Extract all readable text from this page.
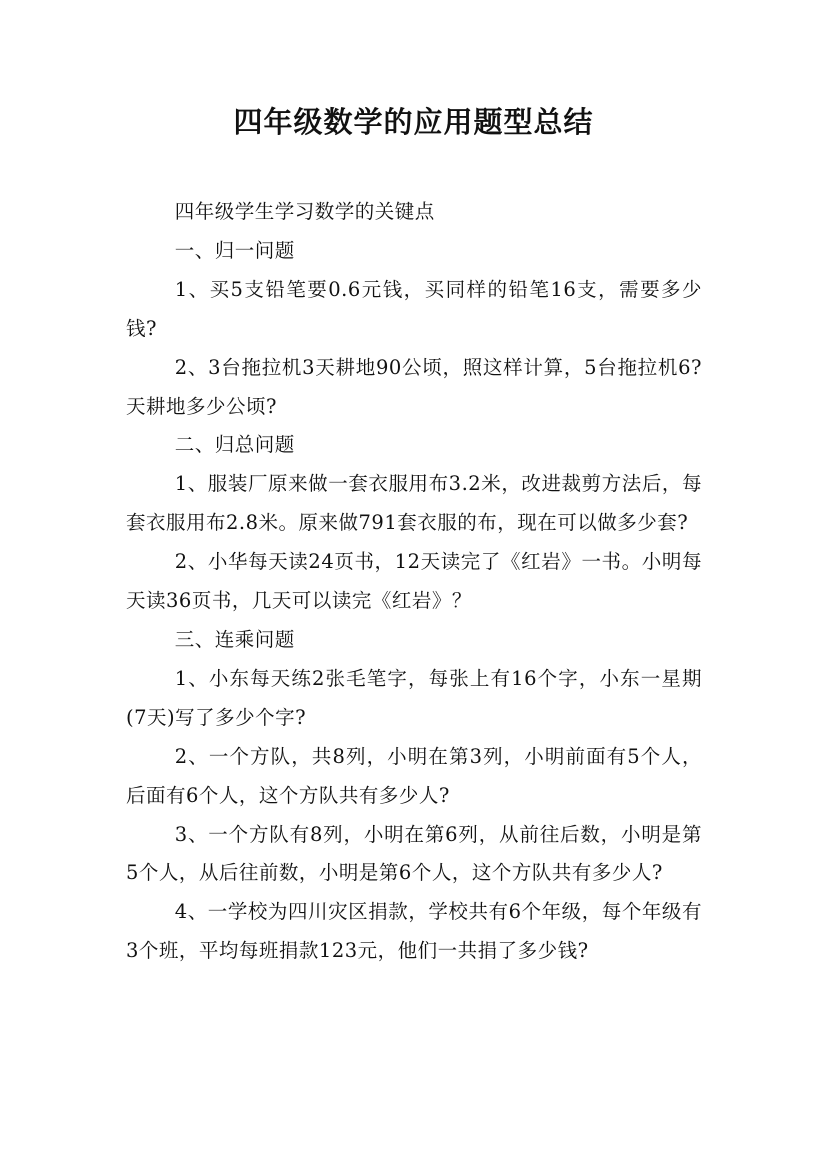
四年级数学的应用题型总结

四年级学生学习数学的关键点

一、归一问题

1、买5支铅笔要0.6元钱，买同样的铅笔16支，需要多少钱?

2、3台拖拉机3天耕地90公顷，照这样计算，5台拖拉机6?天耕地多少公顷?

二、归总问题

1、服装厂原来做一套衣服用布3.2米，改进裁剪方法后，每套衣服用布2.8米。原来做791套衣服的布，现在可以做多少套?

2、小华每天读24页书，12天读完了《红岩》一书。小明每天读36页书，几天可以读完《红岩》？

三、连乘问题

1、小东每天练2张毛笔字，每张上有16个字，小东一星期(7天)写了多少个字?

2、一个方队，共8列，小明在第3列，小明前面有5个人，后面有6个人，这个方队共有多少人?

3、一个方队有8列，小明在第6列，从前往后数，小明是第5个人，从后往前数，小明是第6个人，这个方队共有多少人?

4、一学校为四川灾区捐款，学校共有6个年级，每个年级有3个班，平均每班捐款123元，他们一共捐了多少钱?
